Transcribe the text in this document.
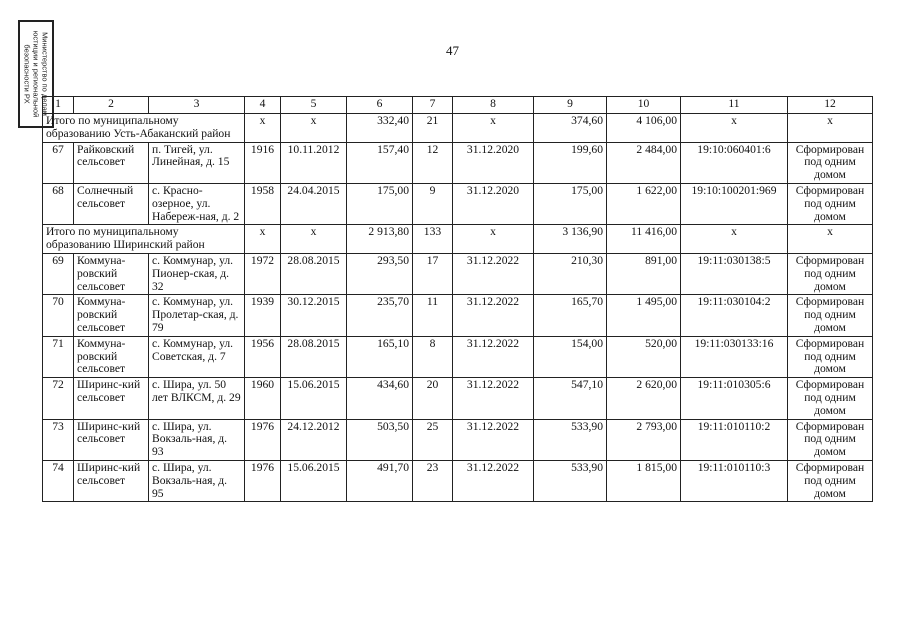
47
Министерство по делам
юстиции и региональной
безопасности РХ 1	2	3	4	5	6	7	8	9	10	11	12
Итого по муниципальному образованию Усть-Абаканский район			х	х	332,40	21	х	374,60	4 106,00	х	х
67	Райковский сельсовет	п. Тигей, ул. Линейная, д. 15	1916	10.11.2012	157,40	12	31.12.2020	199,60	2 484,00	19:10:060401:6	Сформирован под одним домом
68	Солнечный сельсовет	с. Красно-озерное, ул. Набереж-ная, д. 2	1958	24.04.2015	175,00	9	31.12.2020	175,00	1 622,00	19:10:100201:969	Сформирован под одним домом
Итого по муниципальному образованию Ширинский район			х	х	2 913,80	133	х	3 136,90	11 416,00	х	х
69	Коммуна-ровский сельсовет	с. Коммунар, ул. Пионер-ская, д. 32	1972	28.08.2015	293,50	17	31.12.2022	210,30	891,00	19:11:030138:5	Сформирован под одним домом
70	Коммуна-ровский сельсовет	с. Коммунар, ул. Пролетар-ская, д. 79	1939	30.12.2015	235,70	11	31.12.2022	165,70	1 495,00	19:11:030104:2	Сформирован под одним домом
71	Коммуна-ровский сельсовет	с. Коммунар, ул. Советская, д. 7	1956	28.08.2015	165,10	8	31.12.2022	154,00	520,00	19:11:030133:16	Сформирован под одним домом
72	Ширинс-кий сельсовет	с. Шира, ул. 50 лет ВЛКСМ, д. 29	1960	15.06.2015	434,60	20	31.12.2022	547,10	2 620,00	19:11:010305:6	Сформирован под одним домом
73	Ширинс-кий сельсовет	с. Шира, ул. Вокзаль-ная, д. 93	1976	24.12.2012	503,50	25	31.12.2022	533,90	2 793,00	19:11:010110:2	Сформирован под одним домом
74	Ширинс-кий сельсовет	с. Шира, ул. Вокзаль-ная, д. 95	1976	15.06.2015	491,70	23	31.12.2022	533,90	1 815,00	19:11:010110:3	Сформирован под одним домом
